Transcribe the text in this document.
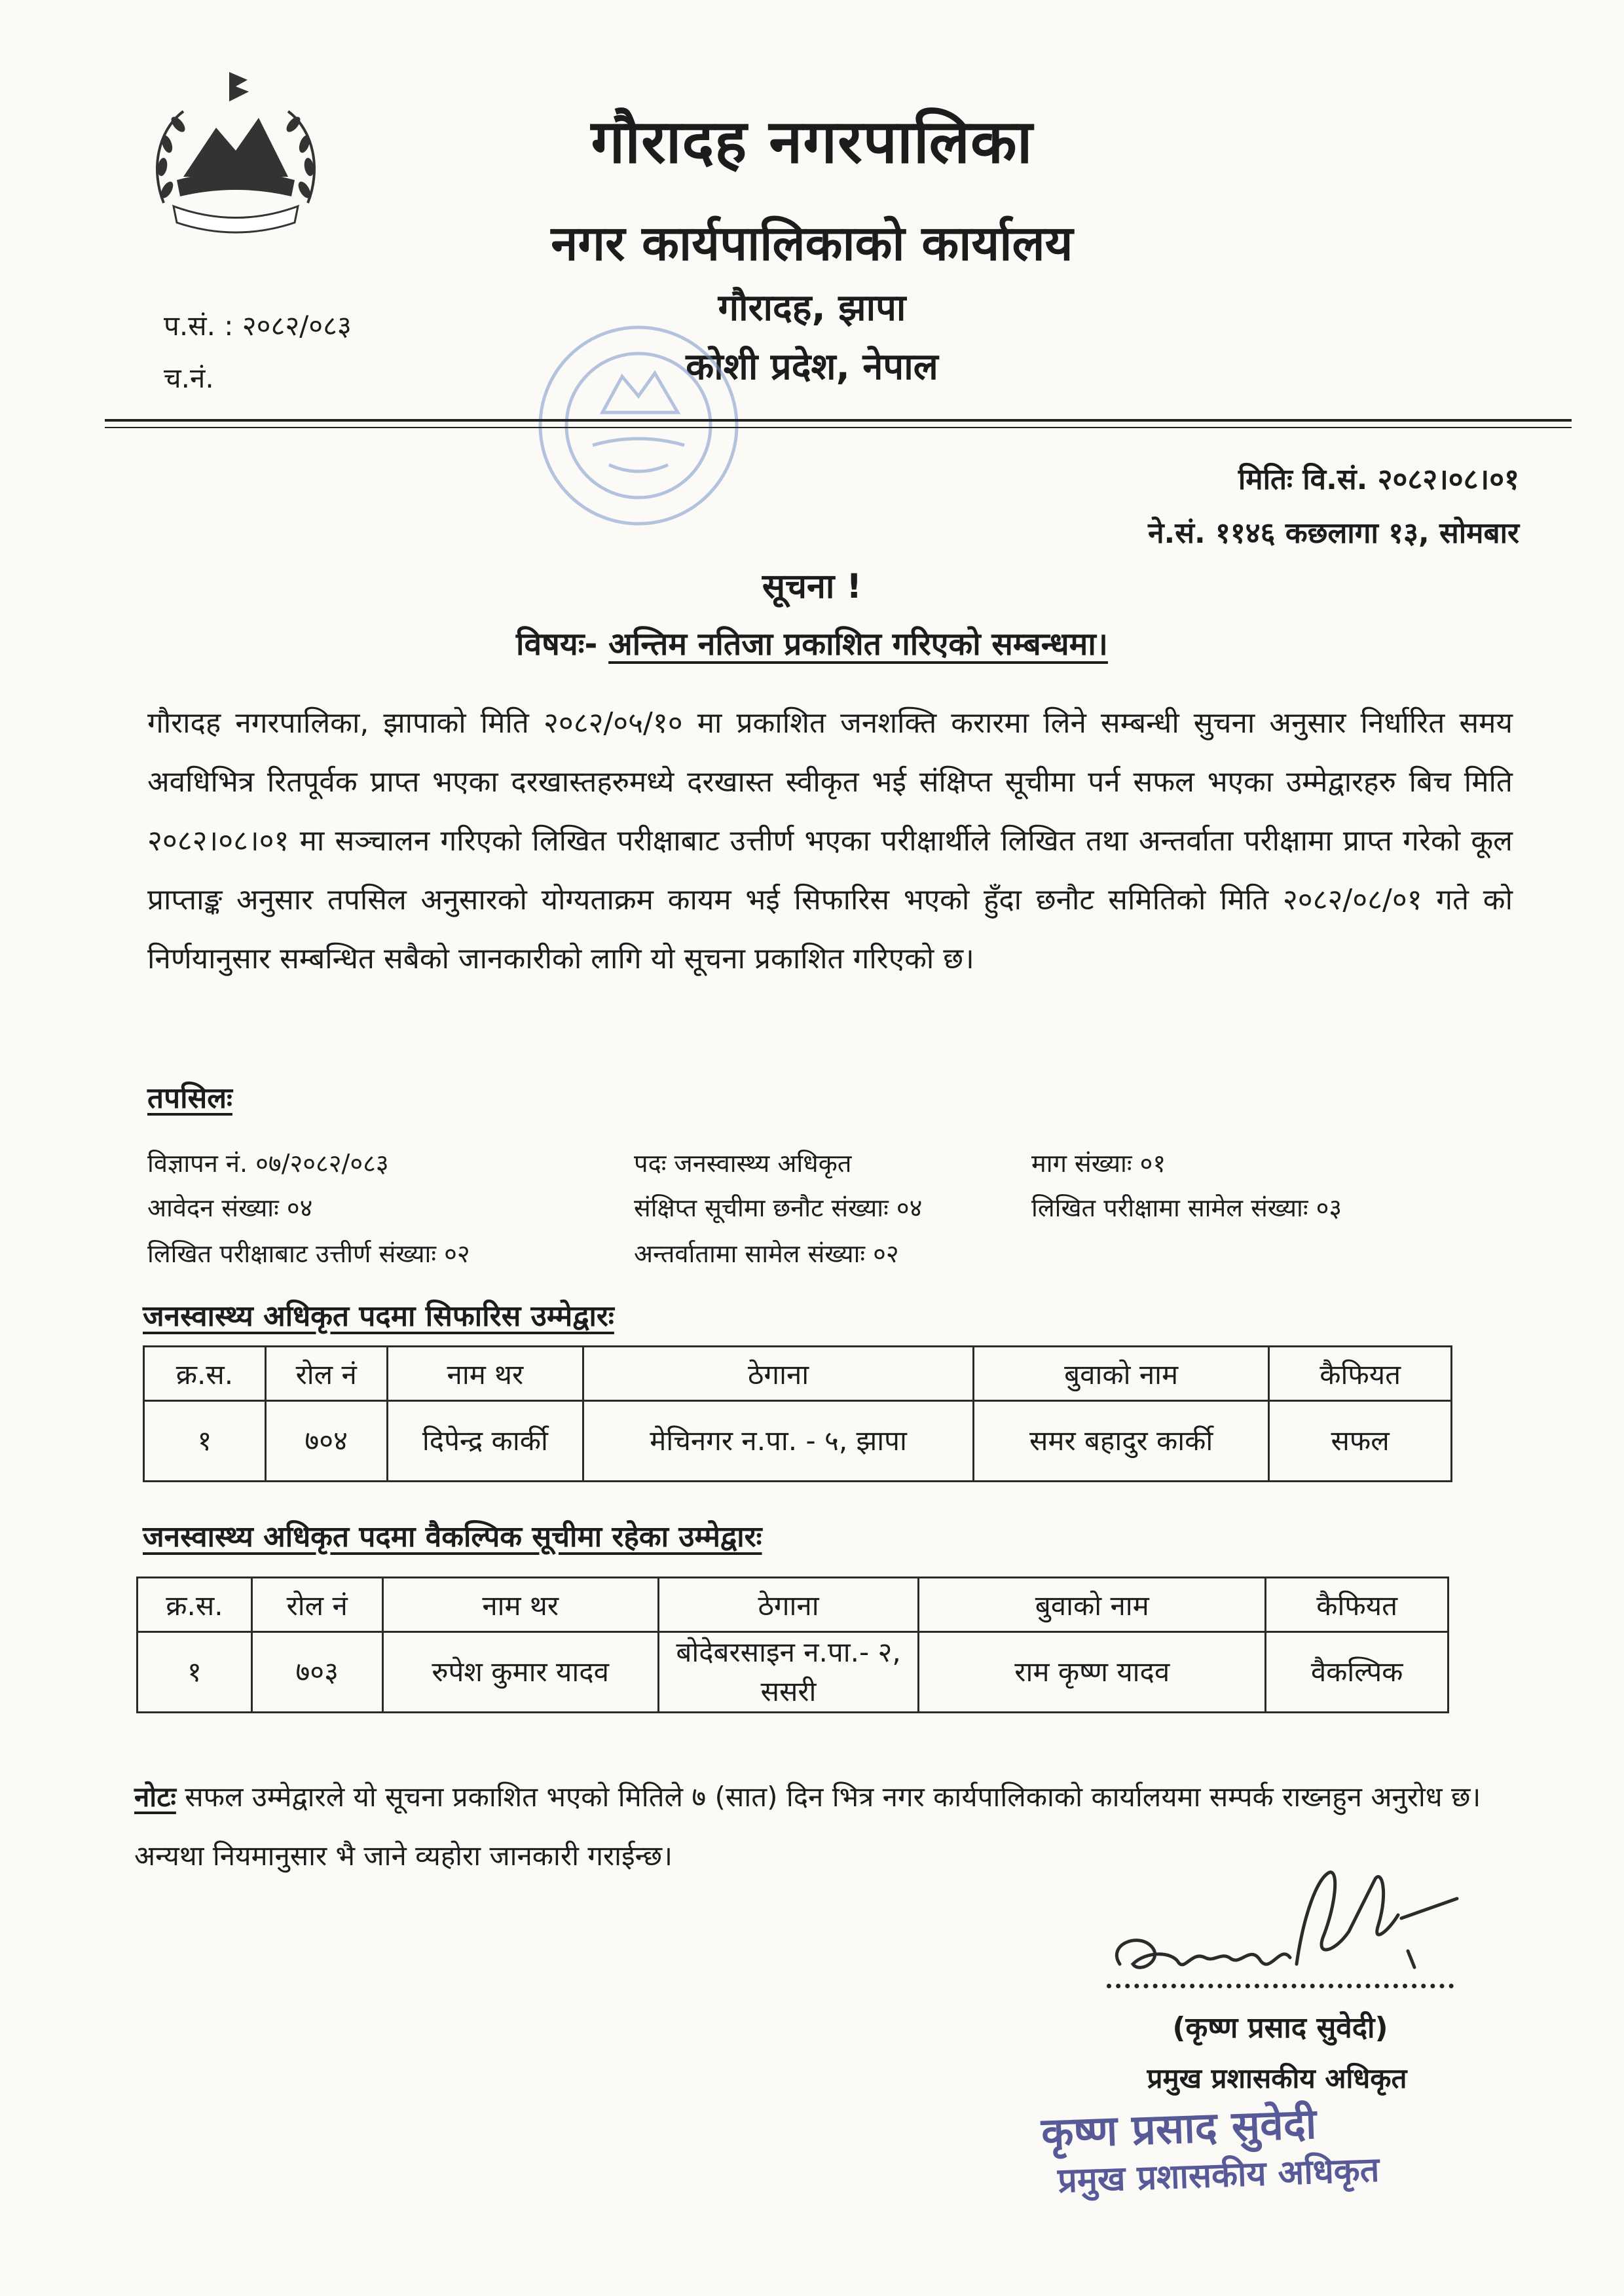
गौरादह नगरपालिका
नगर कार्यपालिकाको कार्यालय
गौरादह, झापा
कोशी प्रदेश, नेपाल
प.सं. : २०८२/०८३
च.नं.
मितिः वि.सं. २०८२।०८।०१
ने.सं. ११४६ कछलागा १३, सोमबार
सूचना !
विषयः- अन्तिम नतिजा प्रकाशित गरिएको सम्बन्धमा।
गौरादह नगरपालिका, झापाको मिति २०८२/०५/१० मा प्रकाशित जनशक्ति करारमा लिने सम्बन्धी सुचना अनुसार निर्धारित समय अवधिभित्र रितपूर्वक प्राप्त भएका दरखास्तहरुमध्ये दरखास्त स्वीकृत भई संक्षिप्त सूचीमा पर्न सफल भएका उम्मेद्वारहरु बिच मिति २०८२।०८।०१ मा सञ्चालन गरिएको लिखित परीक्षाबाट उत्तीर्ण भएका परीक्षार्थीले लिखित तथा अन्तर्वाता परीक्षामा प्राप्त गरेको कूल प्राप्ताङ्क अनुसार तपसिल अनुसारको योग्यताक्रम कायम भई सिफारिस भएको हुँदा छनौट समितिको मिति २०८२/०८/०१ गते को निर्णयानुसार सम्बन्धित सबैको जानकारीको लागि यो सूचना प्रकाशित गरिएको छ।
तपसिलः
विज्ञापन नं. ०७/२०८२/०८३	पदः जनस्वास्थ्य अधिकृत	माग संख्याः ०१
आवेदन संख्याः ०४	संक्षिप्त सूचीमा छनौट संख्याः ०४	लिखित परीक्षामा सामेल संख्याः ०३
लिखित परीक्षाबाट उत्तीर्ण संख्याः ०२	अन्तर्वातामा सामेल संख्याः ०२
जनस्वास्थ्य अधिकृत पदमा सिफारिस उम्मेद्वारः
क्र.स.	रोल नं	नाम थर	ठेगाना	बुवाको नाम	कैफियत
१	७०४	दिपेन्द्र कार्की	मेचिनगर न.पा. - ५, झापा	समर बहादुर कार्की	सफल
जनस्वास्थ्य अधिकृत पदमा वैकल्पिक सूचीमा रहेका उम्मेद्वारः
क्र.स.	रोल नं	नाम थर	ठेगाना	बुवाको नाम	कैफियत
१	७०३	रुपेश कुमार यादव	बोदेबरसाइन न.पा.- २, ससरी	राम कृष्ण यादव	वैकल्पिक
नोटः सफल उम्मेद्वारले यो सूचना प्रकाशित भएको मितिले ७ (सात) दिन भित्र नगर कार्यपालिकाको कार्यालयमा सम्पर्क राख्नहुन अनुरोध छ। अन्यथा नियमानुसार भै जाने व्यहोरा जानकारी गराईन्छ।
(कृष्ण प्रसाद सुवेदी)
प्रमुख प्रशासकीय अधिकृत
कृष्ण प्रसाद सुवेदी
प्रमुख प्रशासकीय अधिकृत
